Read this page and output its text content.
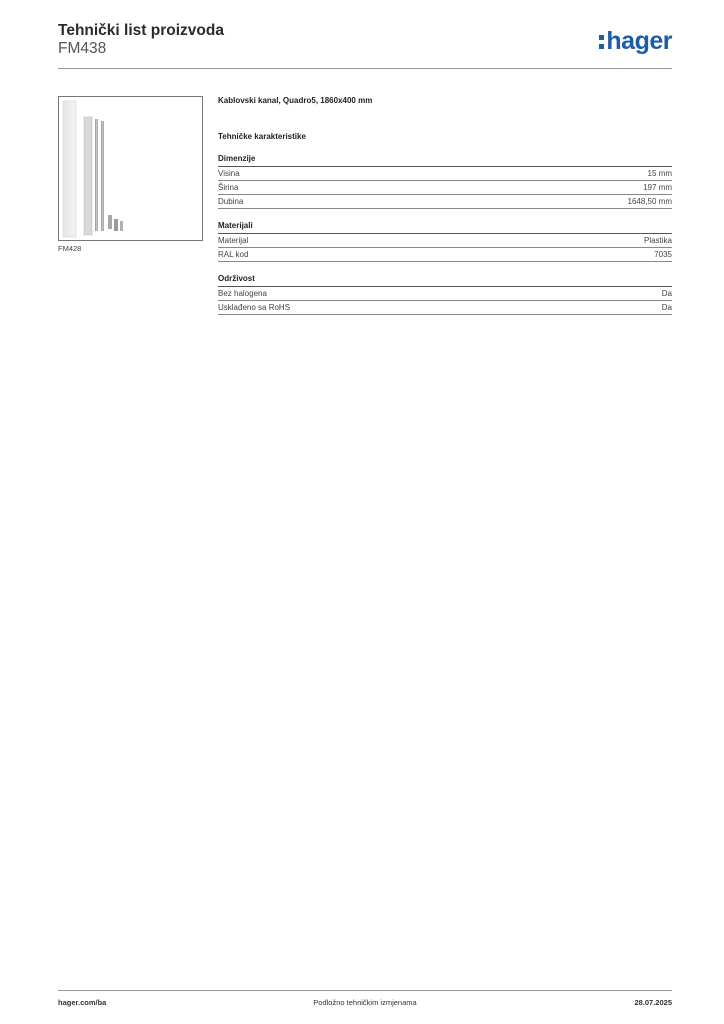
Tehnički list proizvoda
FM438	hager
FM428
Kablovski kanal, Quadro5, 1860x400 mm
Tehničke karakteristike
Dimenzije
Visina	15 mm
Širina	197 mm
Dubina	1648,50 mm
Materijali
Materijal	Plastika
RAL kod	7035
Održivost
Bez halogena	Da
Usklađeno sa RoHS	Da
hager.com/ba	Podložno tehničkim izmjenama	28.07.2025
